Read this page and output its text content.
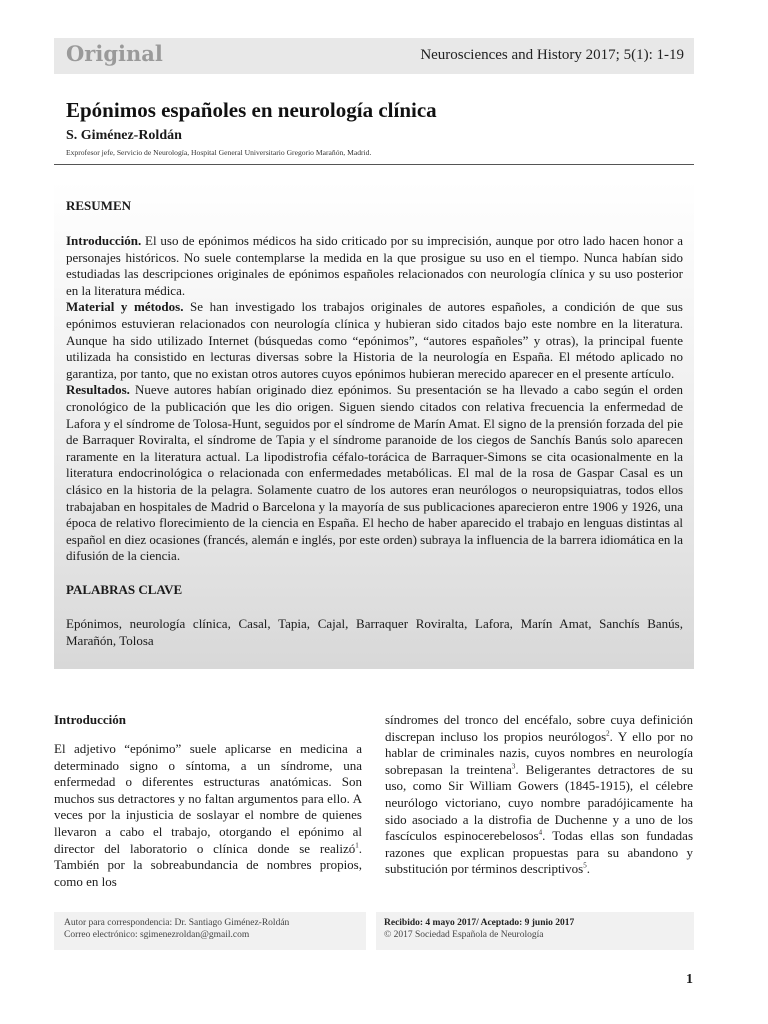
Original	Neurosciences and History 2017; 5(1): 1-19
Epónimos españoles en neurología clínica
S. Giménez-Roldán
Exprofesor jefe, Servicio de Neurología, Hospital General Universitario Gregorio Marañón, Madrid.
RESUMEN

Introducción. El uso de epónimos médicos ha sido criticado por su imprecisión, aunque por otro lado hacen honor a personajes históricos. No suele contemplarse la medida en la que prosigue su uso en el tiempo. Nunca habían sido estudiadas las descripciones originales de epónimos españoles relacionados con neurología clínica y su uso posterior en la literatura médica.
Material y métodos. Se han investigado los trabajos originales de autores españoles, a condición de que sus epónimos estuvieran relacionados con neurología clínica y hubieran sido citados bajo este nombre en la literatura. Aunque ha sido utilizado Internet (búsquedas como “epónimos”, “autores españoles” y otras), la principal fuente utilizada ha consistido en lecturas diversas sobre la Historia de la neurología en España. El método aplicado no garantiza, por tanto, que no existan otros autores cuyos epónimos hubieran merecido aparecer en el presente artículo.
Resultados. Nueve autores habían originado diez epónimos. Su presentación se ha llevado a cabo según el orden cronológico de la publicación que les dio origen. Siguen siendo citados con relativa frecuencia la enfermedad de Lafora y el síndrome de Tolosa-Hunt, seguidos por el síndrome de Marín Amat. El signo de la prensión forzada del pie de Barraquer Roviralta, el síndrome de Tapia y el síndrome paranoide de los ciegos de Sanchís Banús solo aparecen raramente en la literatura actual. La lipodistrofia céfalo-torácica de Barraquer-Simons se cita ocasionalmente en la literatura endocrinológica o relacionada con enfermedades metabólicas. El mal de la rosa de Gaspar Casal es un clásico en la historia de la pelagra. Solamente cuatro de los autores eran neurólogos o neuropsiquiatras, todos ellos trabajaban en hospitales de Madrid o Barcelona y la mayoría de sus publicaciones aparecieron entre 1906 y 1926, una época de relativo florecimiento de la ciencia en España. El hecho de haber aparecido el trabajo en lenguas distintas al español en diez ocasiones (francés, alemán e inglés, por este orden) subraya la influencia de la barrera idiomática en la difusión de la ciencia.

PALABRAS CLAVE

Epónimos, neurología clínica, Casal, Tapia, Cajal, Barraquer Roviralta, Lafora, Marín Amat, Sanchís Banús, Marañón, Tolosa

Introducción

El adjetivo “epónimo” suele aplicarse en medicina a determinado signo o síntoma, a un síndrome, una enfermedad o diferentes estructuras anatómicas. Son muchos sus detractores y no faltan argumentos para ello. A veces por la injusticia de soslayar el nombre de quienes llevaron a cabo el trabajo, otorgando el epónimo al director del laboratorio o clínica donde se realizó$^1$. También por la sobreabundancia de nombres propios, como en los

síndromes del tronco del encéfalo, sobre cuya definición discrepan incluso los propios neurólogos$^2$. Y ello por no hablar de criminales nazis, cuyos nombres en neurología sobrepasan la treintena$^3$. Beligerantes detractores de su uso, como Sir William Gowers (1845-1915), el célebre neurólogo victoriano, cuyo nombre paradójicamente ha sido asociado a la distrofia de Duchenne y a uno de los fascículos espinocerebelosos$^4$. Todas ellas son fundadas razones que explican propuestas para su abandono y substitución por términos descriptivos$^5$.

Autor para correspondencia: Dr. Santiago Giménez-Roldán
Correo electrónico: sgimenezroldan@gmail.com
Recibido: 4 mayo 2017/ Aceptado: 9 junio 2017
© 2017 Sociedad Española de Neurología
1
